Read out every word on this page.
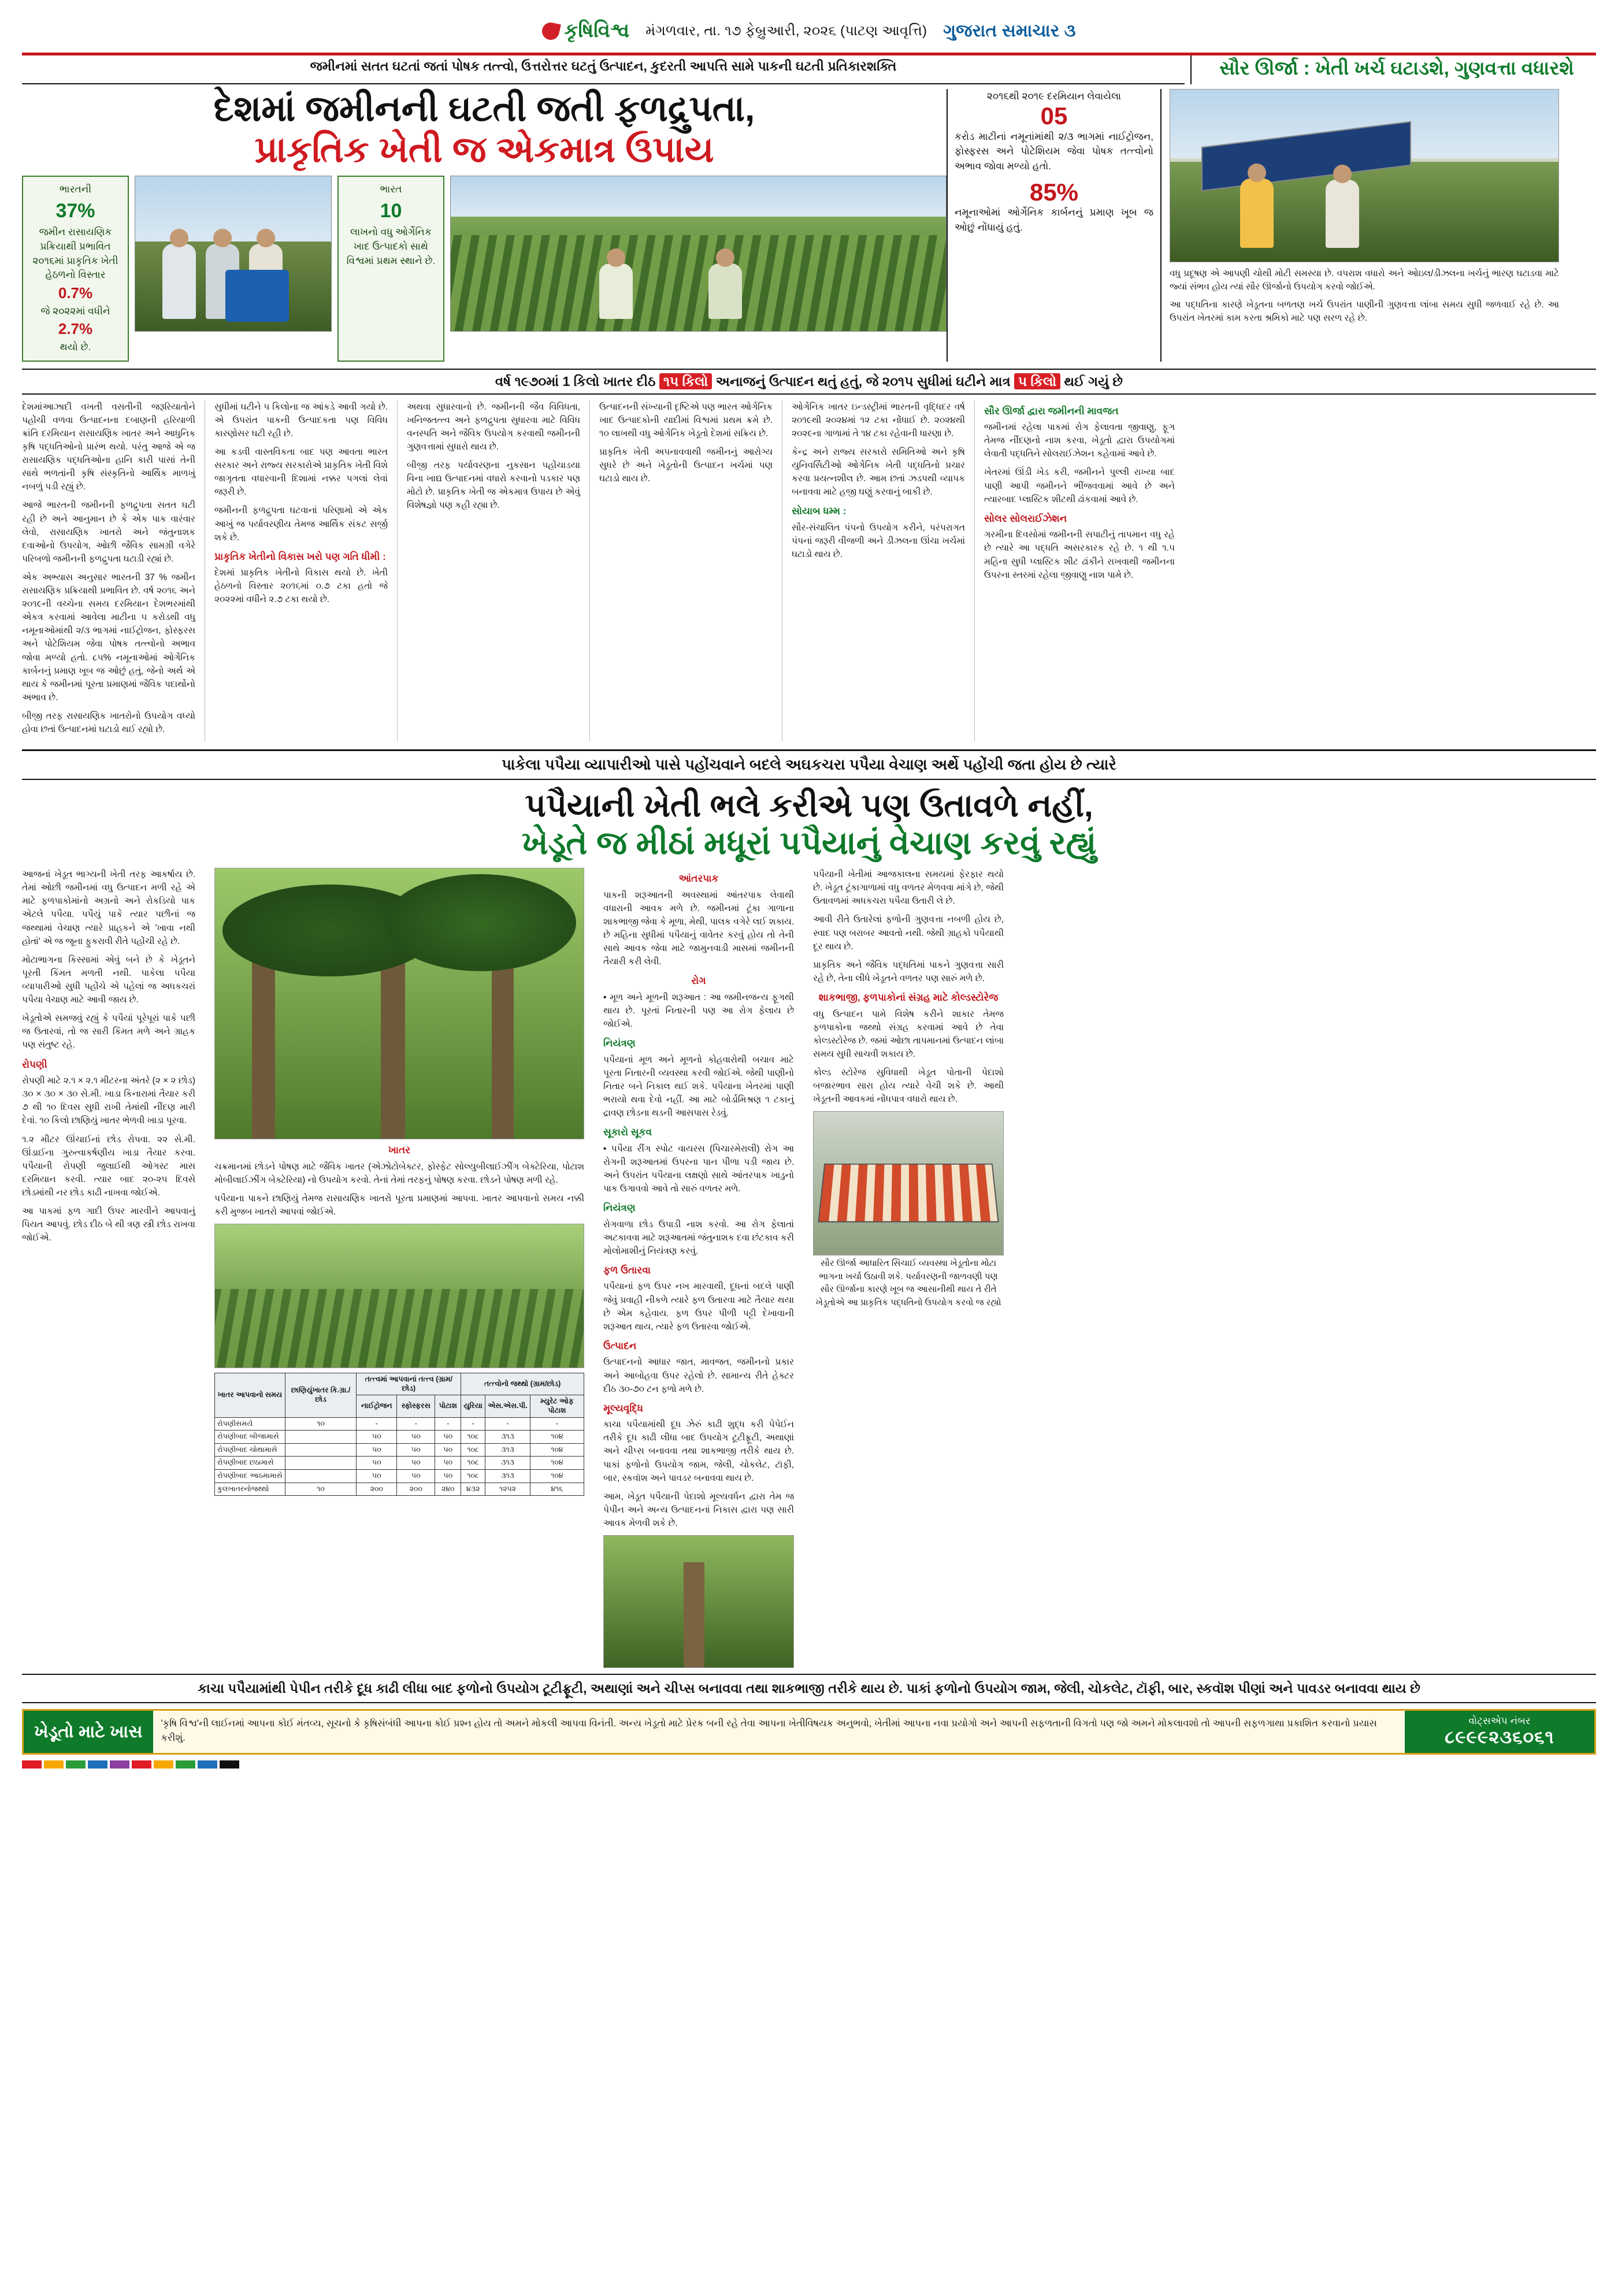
કૃષિવિશ્વ મંગળવાર, તા. ૧૭ ફેબ્રુઆરી, ૨૦૨૬ (પાટણ આવૃત્તિ) ગુજરાત સમાચાર ૩
જમીનમાં સતત ઘટતાં જતાં પોષક તત્ત્વો, ઉત્તરોત્તર ઘટતું ઉત્પાદન, કુદરતી આપત્તિ સામે પાકની ઘટતી પ્રતિકારશક્તિ	સૌર ઊર્જા : ખેતી ખર્ચ ઘટાડશે, ગુણવત્તા વધારશે
દેશમાં જમીનની ઘટતી જતી ફળદ્રુપતા,
પ્રાકૃતિક ખેતી જ એકમાત્ર ઉપાય
ભારતની
37%
જમીન રાસાયણિક પ્રક્રિયાથી પ્રભાવિત ૨૦૧૬માં પ્રાકૃતિક ખેતી હેઠળનો વિસ્તાર
0.7%
જે ૨૦૨૨માં વધીને
2.7%
થયો છે.
ભારત
10
લાખનો વધુ ઓર્ગેનિક ખાદ ઉત્પાદકો સાથે વિશ્વમાં પ્રથમ સ્થાને છે.
૨૦૧૬થી ૨૦૧૯ દરમિયાન લેવાયેલા
05
કરોડ માટીનાં નમૂનાંમાંથી ૨/૩ ભાગમાં નાઈટ્રોજન, ફોસ્ફરસ અને પોટેશિયમ જેવા પોષક તત્ત્વોનો અભાવ જોવા મળ્યો હતો.
85%
નમૂનાઓમાં ઓર્ગેનિક કાર્બનનું પ્રમાણ ખૂબ જ ઓછું નોંધાયું હતું.

વધુ પ્રદૂષણ એ આપણી ચોથી મોટી સમસ્યા છે. વપરાશ વધારો અને ઓઇલ/ડીઝલના ખર્ચનું ભારણ ઘટાડવા માટે જ્યાં સંભવ હોય ત્યાં સૌર ઊર્જાનો ઉપયોગ કરવો જોઈએ.

આ પદ્ધતિના કારણે ખેડૂતના બળતણ ખર્ચ ઉપરાંત પાણીની ગુણવત્તા લાંબા સમય સુધી જળવાઈ રહે છે. આ ઉપરાંત ખેતરમાં કામ કરતા શ્રમિકો માટે પણ સરળ રહે છે.

વર્ષ ૧૯૭૦માં 1 કિલો ખાતર દીઠ ૧૫ કિલો અનાજનું ઉત્પાદન થતું હતું, જે ૨૦૧૫ સુધીમાં ઘટીને માત્ર ૫ કિલો થઈ ગયું છે

દેશમાંઆઝાદી વખતી વસતીની જરૂરિયાતોને પહોંચી વળવા ઉત્પાદનના દબાણની હરિયાળી ક્રાંતિ દરમિયાન રાસાયણિક ખાતર અને આધુનિક કૃષિ પદ્ધતિઓનો પ્રારંભ થયો. પરંતુ આજે એ જ રાસાયણિક પદ્ધતિઓના હાનિ કારી પાસાં તેની સાથે ભળતાંની કૃષિ સંસ્કૃતિનો આર્થિક માળખું નબળું પડી રહ્યું છે.

આજે ભારતની જમીનની ફળદ્રુપતા સતત ઘટી રહી છે અને આનુમાન છે કે એક પાક વારંવાર લેવો, રાસાયણિક ખાતરો અને જંતુનાશક દવાઓનો ઉપયોગ, ઓછી જૈવિક સામગ્રી વગેરે પરિબળો જમીનની ફળદ્રુપતા ઘટાડી રહ્યાં છે.

એક અભ્યાસ અનુસાર ભારતની 37 % જમીન રાસાયણિક પ્રક્રિયાથી પ્રભાવિત છે. વર્ષ ૨૦૧૬ અને ૨૦૧૯ની વચ્ચેના સમય દરમિયાન દેશભરમાંથી એકત્ર કરવામાં આવેલા માટીના ૫ કરોડથી વધુ નમૂનાઓમાંથી ૨/૩ ભાગમાં નાઈટ્રોજન, ફોસ્ફરસ અને પોટેશિયમ જેવા પોષક તત્ત્વોનો અભાવ જોવા મળ્યો હતો. ૮૫% નમૂનાઓમાં ઓર્ગેનિક કાર્બનનું પ્રમાણ ખૂબ જ ઓછું હતું, જેનો અર્થ એ થાય કે જમીનમાં પૂરતા પ્રમાણમાં જૈવિક પદાર્થોનો અભાવ છે.

બીજી તરફ રાસાયણિક ખાતરોનો ઉપયોગ વધ્યો હોવા છતાં ઉત્પાદનમાં ઘટાડો થઈ રહ્યો છે.

સુધીમાં ઘટીને ૫ કિલોના જ આંકડે આવી ગયો છે. એ ઉપરાંત પાકની ઉત્પાદકતા પણ વિવિધ કારણોસર ઘટી રહી છે.

આ કડવી વાસ્તવિકતા બાદ પણ આવતા ભારત સરકાર અને રાજ્ય સરકારોએ પ્રાકૃતિક ખેતી વિશે જાગૃતતા વધારવાની દિશામાં નક્કર પગલાં લેવાં જરૂરી છે.

જમીનની ફળદ્રુપતા ઘટવાનાં પરિણામો એ એક આખું જ પર્યાવરણીય તેમજ આર્થિક સંકટ સર્જી શકે છે.

પ્રાકૃતિક ખેતીનો વિકાસ ખરો પણ ગતિ ધીમી :

દેશમાં પ્રાકૃતિક ખેતીનો વિકાસ થયો છે. ખેતી હેઠળનો વિસ્તાર ૨૦૧૬માં ૦.૭ ટકા હતો જે ૨૦૨૨માં વધીને ૨.૭ ટકા થયો છે.

અથવા સુધારવાનો છે. જમીનની જૈવ વિવિધતા, ખનિજતત્ત્વ અને ફળદ્રુપતા સુધારવા માટે વિવિધ વનસ્પતિ અને જૈવિક ઉપયોગ કરવાથી જમીનની ગુણવત્તામાં સુધારો થાય છે.

બીજી તરફ પર્યાવરણના નુકસાન પહોંચાડયા વિના ખાદ્ય ઉત્પાદનમાં વધારો કરવાનો પડકાર પણ મોટો છે. પ્રાકૃતિક ખેતી જ એકમાત્ર ઉપાય છે એવું વિશેષજ્ઞો પણ કહી રહ્યા છે.

ઉત્પાદનની સંખ્યાની દૃષ્ટિએ પણ ભારત ઓર્ગેનિક ખાદ ઉત્પાદકોની યાદીમાં વિશ્વમાં પ્રથમ ક્રમે છે. ૧૦ લાખથી વધુ ઓર્ગેનિક ખેડૂતો દેશમાં સક્રિય છે.

પ્રાકૃતિક ખેતી અપનાવવાથી જમીનનું આરોગ્ય સુધરે છે અને ખેડૂતોની ઉત્પાદન ખર્ચમાં પણ ઘટાડો થાય છે.

ઓર્ગેનિક ખાતર ઇન્ડસ્ટ્રીમાં ભારતની વૃદ્ધિદર વર્ષ ૨૦૧૯થી ૨૦૨૪માં ૧૨ ટકા નોંધાઈ છે. ૨૦૨૪થી ૨૦૨૯ના ગાળામાં તે ૧૪ ટકા રહેવાની ધારણા છે.

કેન્દ્ર અને રાજ્ય સરકારો સમિતિઓ અને કૃષિ યુનિવર્સિટીઓ ઓર્ગેનિક ખેતી પદ્ધતિનો પ્રચાર કરવા પ્રયત્નશીલ છે. આમ છતાં ઝડપથી વ્યાપક બનાવવા માટે હજી ઘણું કરવાનું બાકી છે.

સોયાબ ધમ્મ :

સૌર-સંચાલિત પંપનો ઉપયોગ કરીને, પરંપરાગત પંપનાં જરૂરી વીજળી અને ડીઝલના ઊંચા ખર્ચમાં ઘટાડો થાય છે.

સૌર ઊર્જા દ્વારા જમીનની માવજત

જમીનમાં રહેલા પાકમાં રોગ ફેલાવતા જીવાણુ, ફૂગ તેમજ નીંદણનો નાશ કરવા, ખેડૂતો દ્વારા ઉપયોગમાં લેવાતી પદ્ધતિને સોલરાઈઝેશન કહેવામાં આવે છે.

ખેતરમાં ઊંડી ખેડ કરી, જમીનને પુલ્લી રાખ્યા બાદ પાણી આપી જમીનને ભીંજવવામાં આવે છે અને ત્યારબાદ પ્લાસ્ટિક શીટથી ઢાંકવામાં આવે છે.

સોલર સોલરાઈઝેશન

ગરમીના દિવસોમાં જમીનની સપાટીનું તાપમાન વધુ રહે છે ત્યારે આ પદ્ધતિ અસરકારક રહે છે. ૧ થી ૧.૫ મહિના સુધી પ્લાસ્ટિક શીટ ઢાંકીને રાખવાથી જમીનના ઉપરના સ્તરમાં રહેલા જીવાણુ નાશ પામે છે.

પાકેલા પપૈયા વ્યાપારીઓ પાસે પહોંચવાને બદલે અઘકચરા પપૈયા વેચાણ અર્થે પહોંચી જતા હોય છે ત્યારે
પપૈયાની ખેતી ભલે કરીએ પણ ઉતાવળે નહીં,
ખેડૂતે જ મીઠાં મધૂરાં પપૈયાનું વેચાણ કરવું રહ્યું

આજનાં ખેડૂત ભાગ્યની ખેતી તરફ આકર્ષાય છે. તેમાં ઓછી જમીનમાં વધુ ઉત્પાદન મળી રહે એ માટે ફળપાકોમાંનો અગ્રનો અને રોકડિયો પાક એટલે પપૈયા. પપૈયું પાકે ત્યાર પછીનાં જ જથ્થામાં વેચાણ ત્યારે પ્રાહકને એ 'ખાવા નથી હોતાં' એ જ જૂના ફુકરાવી રીતે પહોંચી રહે છે.

મોટાભાગના કિસ્સામાં એવું બને છે કે ખેડૂતને પૂરતી કિંમત મળતી નથી. પાકેલા પપૈયા વ્યાપારીઓ સુધી પહોંચે એ પહેલાં જ અધકચરાં પપૈયા વેચાણ માટે આવી જાય છે.

ખેડૂતોએ સમજવું રહ્યું કે પપૈયાં પૂરેપૂરાં પાકે પછી જ ઉતારવાં, તો જ સારી કિંમત મળે અને ગ્રાહક પણ સંતુષ્ટ રહે.

રોપણી

રોપણી માટે ૨.૧ × ૨.૧ મીટરના અંતરે (૨ × ૨ છોડ) ૩૦ × ૩૦ × ૩૦ સે.મી. ખાડા કિનારામાં તૈયાર કરી ૭ થી ૧૦ દિવસ સુધી રાખી તેમાંથી નીંદણ મારી દેવાં. ૧૦ કિલો છાણિયું ખાતર ભેળવી ખાડા પૂરવા.

૧.૨ મીટર ઊંચાઈનાં છોડ રોપવા. ૨૨ સે.મી. ઊંડાઈના ગુરુત્વાકર્ષણીય ખાડા તૈયાર કરવા. પપૈયાની રોપણી જુલાઈથી ઓગસ્ટ માસ દરમિયાન કરવી. ત્યાર બાદ ૨૦-૨૫ દિવસે છોડમાંથી નર છોડ કાઢી નાખવા જોઈએ.

આ પાકમાં ફળ ગાદી ઉપર મારવીને આપવાનું પિયત આપવું. છોડ દીઠ બે થી ત્રણ સ્ત્રી છોડ રાખવા જોઈએ.

ખાતર

ચક્રમાનમાં છોડને પોષણ માટે જૈવિક ખાતર (એઝોટોબેક્ટર, ફોસ્ફેટ સોલ્યુબીલાઈઝીંગ બેક્ટેરિયા, પોટાશ મોબીલાઈઝીંગ બેક્ટેરિયા) નો ઉપયોગ કરવો. તેનાં તેમાં તરફનું પોષણ કરવા. છોડને પોષણ મળી રહે.

પપૈયાના પાકને છાણિયું તેમજ રાસાયણિક ખાતરો પૂરતા પ્રમાણમાં આપવા. ખાતર આપવાનો સમય નક્કી કરી મુજબ ખાતરો આપવાં જોઈએ.

ખાતર આપવાનો સમય	છાણિયુંખાતર કિ.ગ્રા./છોડ	તત્ત્વમાં આપવાનાં તત્ત્વ (ગ્રામ/છોડ)			તત્ત્વોનો જથ્થો (ગ્રામ/છોડ)		
		નાઈટ્રોજન	સ્ફોસ્ફરસ	પોટાશ	યુરિયા	એસ.એસ.પી.	મ્યુરેટ ઓફ પોટાશ
રોપણીસમયે	૧૦	-	-	-	-	-	-
રોપણીબાદ બીજામાસે		૫૦	૫૦	૫૦	૧૦૮	૩૧૩	૧૦૪
રોપણીબાદ ચોથામાસે		૫૦	૫૦	૫૦	૧૦૮	૩૧૩	૧૦૪
રોપણીબાદ છઠામાસે		૫૦	૫૦	૫૦	૧૦૮	૩૧૩	૧૦૪
રોપણીબાદ આઠમામાસે		૫૦	૫૦	૫૦	૧૦૮	૩૧૩	૧૦૪
કુલખાતરનોજથ્થો	૧૦	૨૦૦	૨૦૦	૨૪૦	૪૩૨	૧૨૫૨	૪૧૬
આંતરપાક

પાકની શરૂઆતની અવસ્થામાં આંતરપાક લેવાથી વધારાની આવક મળે છે. જમીનમાં ટૂંકા ગાળાના શાકભાજી જેવા કે મૂળા, મેથી, પાલક વગેરે લઈ શકાય. છે મહિના સુધીમાં પપૈયાનું વાવેતર કરવું હોય તો તેની સાથે આવક જેવા માટે જામુનવાડી માસમાં જમીનની તૈયારી કરી લેવી.

રોગ

• મૂળ અને મૂળની શરૂઆત : આ જમીનજન્ય ફૂગથી થાય છે. પૂરતાં નિતારની પણ આ રોગ ફેલાય છે જોઈએ.

નિયંત્રણ

પપૈયાનાં મૂળ અને મૂળનો કોહવારોથી બચાવ માટે પૂરતા નિતારની વ્યવસ્થા કરવી જોઈએ. જેથી પાણીનો નિતાર બને નિકાલ થઈ શકે. પપૈયાના ખેતરમાં પાણી ભરાયો થવા દેવો નહીં. આ માટે બોર્ડોમિશ્રણ ૧ ટકાનું દ્રાવણ છોડના થડની આસપાસ રેડવું.

સૂકારો સૂકવ

• પપૈયા રીંગ સ્પોટ વાયરસ (પિચારમેરાલી) રોગ આ રોગની શરૂઆતમાં ઉપરના પાન પીળા પડી જાય છે. અને ઉપરાંત પપૈયાના લક્ષણો સાથે આંતરપાક ખાડુનો પાક ઉગાવવો આવે તો સારું વળતર મળે.

નિયંત્રણ

રોગવાળા છોડ ઉપાડી નાશ કરવો. આ રોગ ફેલાતાં અટકાવવા માટે શરૂઆતમાં જંતુનાશક દવા છંટકાવ કરી મોલોમાશીનું નિયંત્રણ કરવું.

ફળ ઉતારવા

પપૈયાનાં ફળ ઉપર નખ મારવાથી, દૂધનાં બદલે પાણી જેવું પ્રવાહી નીકળે ત્યારે ફળ ઉતારવા માટે તૈયાર થયા છે એમ કહેવાય. ફળ ઉપર પીળી પટ્ટી દેખાવાની શરૂઆત થાય, ત્યારે ફળ ઉતારવા જોઈએ.

ઉત્પાદન

ઉત્પાદનનો આધાર જાત, માવજત, જમીનનો પ્રકાર અને આબોહવા ઉપર રહેલો છે. સામાન્ય રીતે હેક્ટર દીઠ ૩૦-૭૦ ટન ફળો મળે છે.

મૂલ્યવૃદ્ધિ

કાચા પપૈયામાંથી દૂધ ઝેરું કાઢી શુદ્ધ કરી પેપેઈન તરીકે દૂધ કાઢી લીધા બાદ ઉપયોગ ટૂટીફ્રૂટી, અથાણાં અને ચીપ્સ બનાવવા તથા શાકભાજી તરીકે થાય છે. પાકાં ફળોનો ઉપયોગ જામ, જેલી, ચોકલેટ, ટૉફી, બાર, સ્કવૉશ અને પાવડર બનાવવા થાય છે.

આમ, ખેડૂત પપૈયાની પેદાશો મૂલ્યવર્ધન દ્વારા તેમ જ પેપીન અને અન્ય ઉત્પાદનનાં નિકાસ દ્વારા પણ સારી આવક મેળવી શકે છે.

પપૈયાની ખેતીમાં આજકાલના સમયમાં ફેરફાર થયો છે. ખેડૂત ટૂંકાગાળામાં વધુ વળતર મેળવવા માંગે છે, જેથી ઉતાવળમાં અધકચરા પપૈયા ઉતારી લે છે.

આવી રીતે ઉતારેલાં ફળોની ગુણવત્તા નબળી હોય છે, સ્વાદ પણ બરાબર આવતો નથી. જેથી ગ્રાહકો પપૈયાથી દૂર થાય છે.

પ્રાકૃતિક અને જૈવિક પદ્ધતિમાં પાકને ગુણવત્તા સારી રહે છે, તેના લીધે ખેડૂતને વળતર પણ સારું મળે છે.

શાકભાજી, ફળપાકોનાં સંગ્રહ માટે કોલ્ડસ્ટોરેજ

વધુ ઉત્પાદન પામે વિશેષ કરીને શાકાર તેમજ ફળપાકોના જથ્થો સંગ્રહ કરવામાં આવે છે તેવા કોલ્ડસ્ટોરેજ છે. જમાં ઓછા તાપમાનમાં ઉત્પાદન લાંબા સમય સુધી સાચવી શકાય છે.

કોલ્ડ સ્ટોરેજ સુવિધાથી ખેડૂત પોતાની પેદાશો બજારભાવ સારા હોય ત્યારે વેચી શકે છે. આથી ખેડૂતની આવકમાં નોંધપાત્ર વધારો થાય છે.

સૌર ઊર્જા આધારિત સિંચાઈ વ્યવસ્થા ખેડૂતોના મોટા ભાગના ખર્ચા ઉઠાવી શકે. પર્યાવરણની જાળવણી પણ સૌર ઊર્જાના કારણે ખૂબ જ આસાનીથી થાય તે રીતે ખેડૂતોએ આ પ્રાકૃતિક પદ્ધતિનો ઉપયોગ કરવો જ રહ્યો
કાચા પપૈયામાંથી પેપીન તરીકે દૂધ કાઢી લીધા બાદ ફળોનો ઉપયોગ ટૂટીફ્રૂટી, અથાણાં અને ચીપ્સ બનાવવા તથા શાકભાજી તરીકે થાય છે. પાકાં ફળોનો ઉપયોગ જામ, જેલી, ચોકલેટ, ટૉફી, બાર, સ્કવૉશ પીણાં અને પાવડર બનાવવા થાય છે
ખેડૂતો માટે ખાસ	'કૃષિ વિશ્વ'ની લાઈનમાં આપના કોઈ મંતવ્ય, સૂચનો કે કૃષિસંબંધી આપના કોઈ પ્રશ્ન હોય તો અમને મોકલી આપવા વિનંતી. અન્ય ખેડૂતો માટે પ્રેરક બની રહે તેવા આપના ખેતીવિષયક અનુભવો, ખેતીમાં આપના નવા પ્રયોગો અને આપની સફળતાની વિગતો પણ જો અમને મોકલાવશો તો આપની સફળગાથા પ્રકાશિત કરવાનો પ્રયાસ કરીશું.
વોટ્સએપ નંબર
૮૯૯૯૨૩૬૦૬૧
